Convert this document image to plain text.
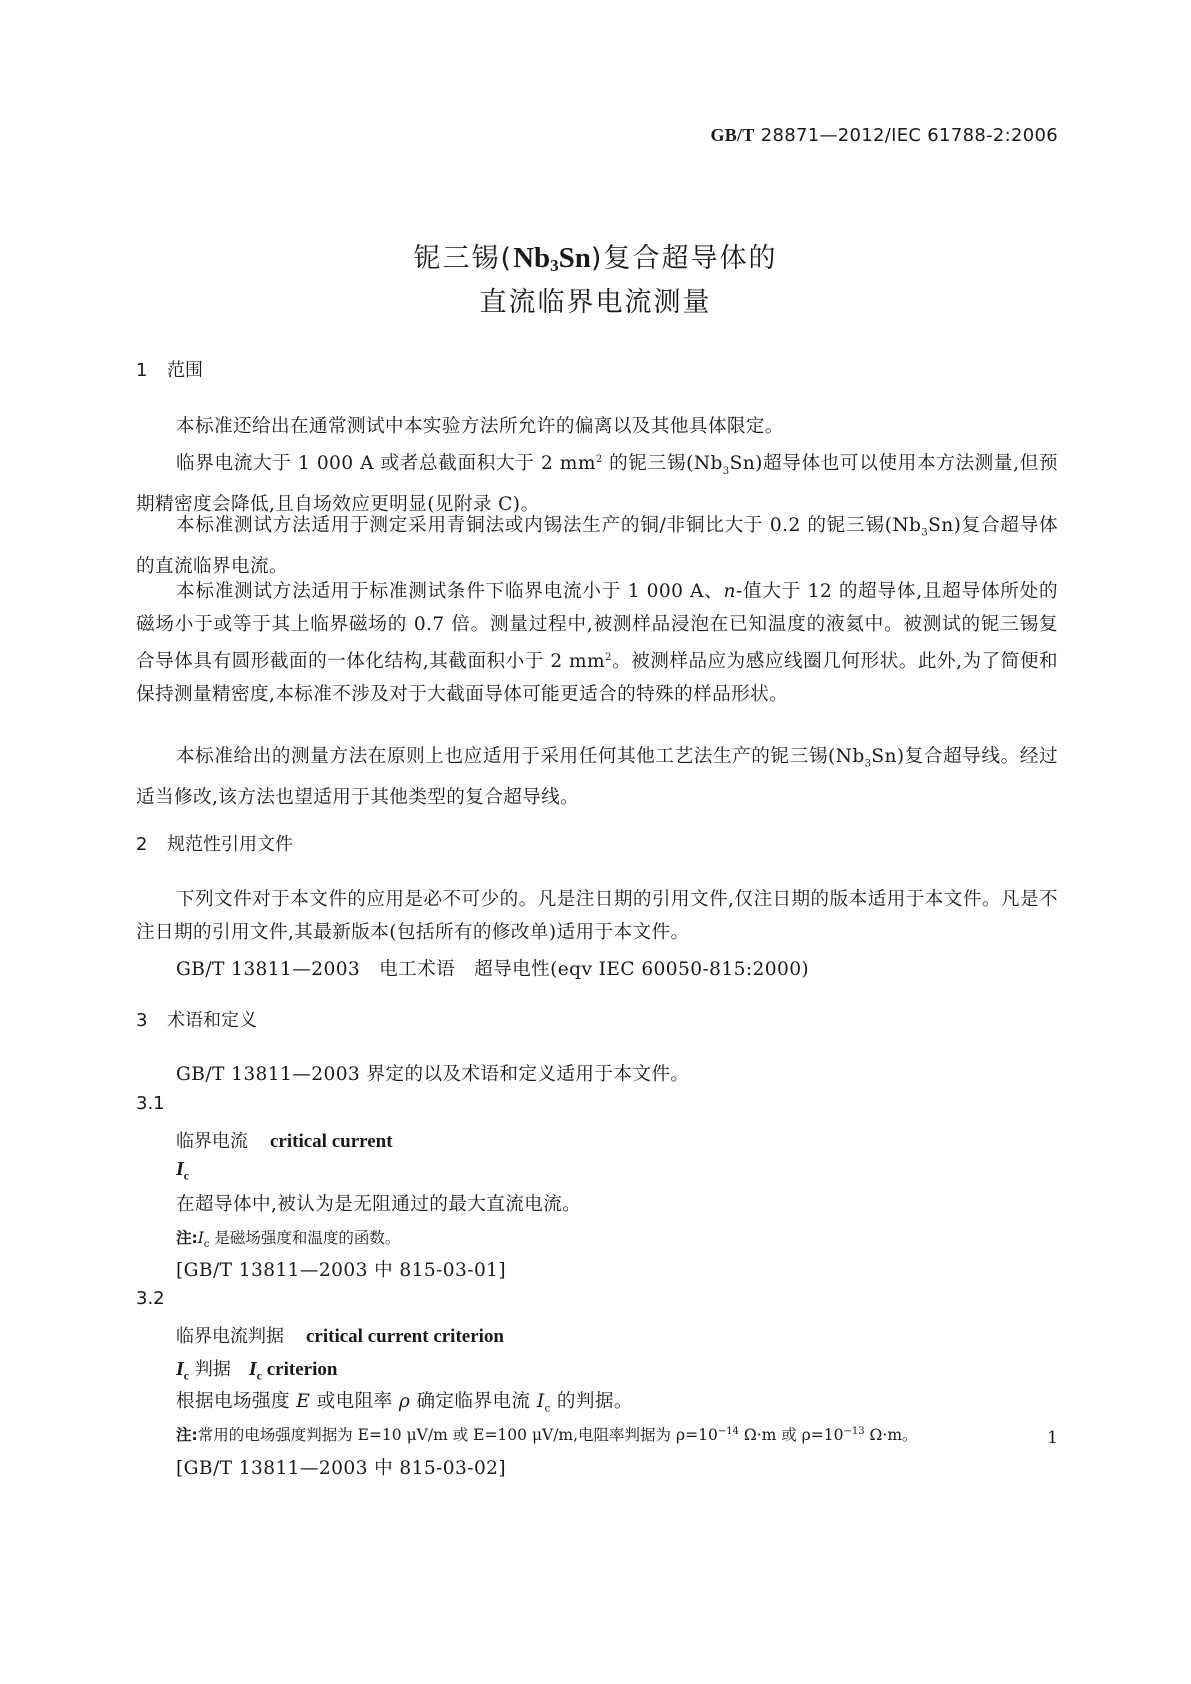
GB/T 28871—2012/IEC 61788-2:2006
铌三锡$(Nb_3Sn)$复合超导体的
直流临界电流测量
1 范围
本标准还给出在通常测试中本实验方法所允许的偏离以及其他具体限定。
临界电流大于 1 000 A 或者总截面积大于 2 $mm^2$ 的铌三锡$(Nb_3Sn)$超导体也可以使用本方法测量,但预期精密度会降低,且自场效应更明显(见附录 C)。
本标准测试方法适用于测定采用青铜法或内锡法生产的铜/非铜比大于 0.2 的铌三锡$(Nb_3Sn)$复合超导体的直流临界电流。
本标准测试方法适用于标准测试条件下临界电流小于 1 000 A、n-值大于 12 的超导体,且超导体所处的磁场小于或等于其上临界磁场的 0.7 倍。测量过程中,被测样品浸泡在已知温度的液氦中。被测试的铌三锡复合导体具有圆形截面的一体化结构,其截面积小于 2 $mm^2$。被测样品应为感应线圈几何形状。此外,为了简便和保持测量精密度,本标准不涉及对于大截面导体可能更适合的特殊的样品形状。
本标准给出的测量方法在原则上也应适用于采用任何其他工艺法生产的铌三锡$(Nb_3Sn)$复合超导线。经过适当修改,该方法也望适用于其他类型的复合超导线。
2 规范性引用文件
下列文件对于本文件的应用是必不可少的。凡是注日期的引用文件,仅注日期的版本适用于本文件。凡是不注日期的引用文件,其最新版本(包括所有的修改单)适用于本文件。
GB/T 13811—2003　电工术语　超导电性(eqv IEC 60050-815:2000)
3 术语和定义
GB/T 13811—2003 界定的以及术语和定义适用于本文件。
3.1
临界电流 critical current
$I_c$
在超导体中,被认为是无阻通过的最大直流电流。
注$:I_c$ 是磁场强度和温度的函数。
[GB/T 13811—2003 中 815-03-01]
3.2
临界电流判据 critical current criterion
$I_c$ 判据 $I_c$ criterion
根据电场强度 E 或电阻率 ρ 确定临界电流 $I_c$ 的判据。
注:常用的电场强度判据为 E=10 μV/m 或 E=100 μV/m,电阻率判据为 $\rho=10^{-14}$ Ω·m 或 $\rho=10^{-13}$ Ω·m。
[GB/T 13811—2003 中 815-03-02]
1
